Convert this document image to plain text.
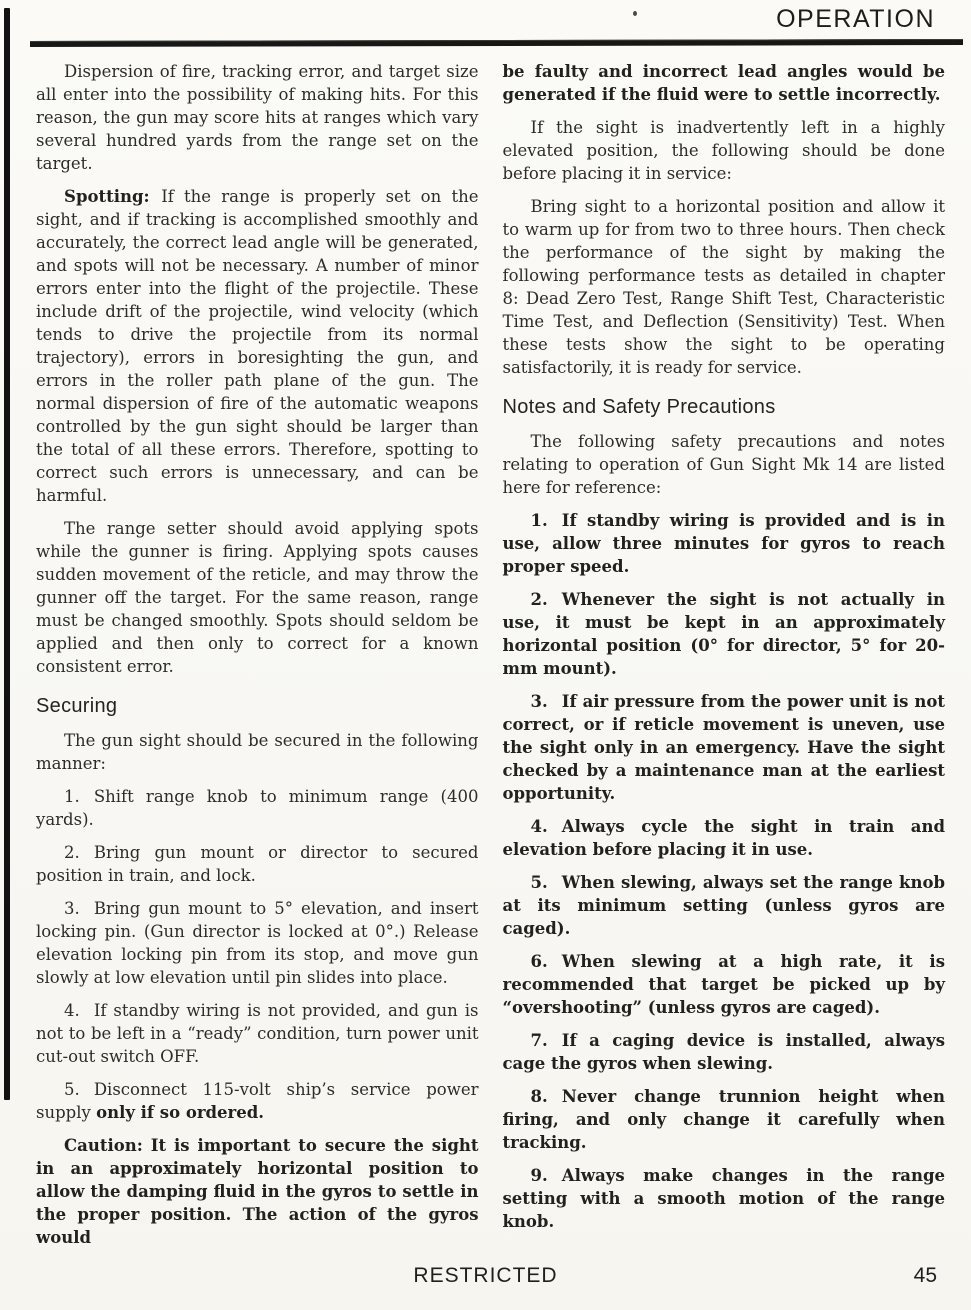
OPERATION

Dispersion of fire, tracking error, and target size all enter into the possibility of making hits. For this reason, the gun may score hits at ranges which vary several hundred yards from the range set on the target.

Spotting: If the range is properly set on the sight, and if tracking is accomplished smoothly and accurately, the correct lead angle will be generated, and spots will not be necessary. A number of minor errors enter into the flight of the projectile. These include drift of the projectile, wind velocity (which tends to drive the projectile from its normal trajectory), errors in boresighting the gun, and errors in the roller path plane of the gun. The normal dispersion of fire of the automatic weapons controlled by the gun sight should be larger than the total of all these errors. Therefore, spotting to correct such errors is unnecessary, and can be harmful.

The range setter should avoid applying spots while the gunner is firing. Applying spots causes sudden movement of the reticle, and may throw the gunner off the target. For the same reason, range must be changed smoothly. Spots should seldom be applied and then only to correct for a known consistent error.

Securing

The gun sight should be secured in the following manner:

1. Shift range knob to minimum range (400 yards).

2. Bring gun mount or director to secured position in train, and lock.

3. Bring gun mount to 5° elevation, and insert locking pin. (Gun director is locked at 0°.) Release elevation locking pin from its stop, and move gun slowly at low elevation until pin slides into place.

4. If standby wiring is not provided, and gun is not to be left in a “ready” condition, turn power unit cut-out switch OFF.

5. Disconnect 115-volt ship’s service power supply only if so ordered.

Caution: It is important to secure the sight in an approximately horizontal position to allow the damping fluid in the gyros to settle in the proper position. The action of the gyros would

be faulty and incorrect lead angles would be generated if the fluid were to settle incorrectly.

If the sight is inadvertently left in a highly elevated position, the following should be done before placing it in service:

Bring sight to a horizontal position and allow it to warm up for from two to three hours. Then check the performance of the sight by making the following performance tests as detailed in chapter 8: Dead Zero Test, Range Shift Test, Characteristic Time Test, and Deflection (Sensitivity) Test. When these tests show the sight to be operating satisfactorily, it is ready for service.

Notes and Safety Precautions

The following safety precautions and notes relating to operation of Gun Sight Mk 14 are listed here for reference:

1. If standby wiring is provided and is in use, allow three minutes for gyros to reach proper speed.

2. Whenever the sight is not actually in use, it must be kept in an approximately horizontal position (0° for director, 5° for 20-mm mount).

3. If air pressure from the power unit is not correct, or if reticle movement is uneven, use the sight only in an emergency. Have the sight checked by a maintenance man at the earliest opportunity.

4. Always cycle the sight in train and elevation before placing it in use.

5. When slewing, always set the range knob at its minimum setting (unless gyros are caged).

6. When slewing at a high rate, it is recommended that target be picked up by “overshooting” (unless gyros are caged).

7. If a caging device is installed, always cage the gyros when slewing.

8. Never change trunnion height when firing, and only change it carefully when tracking.

9. Always make changes in the range setting with a smooth motion of the range knob.

RESTRICTED	45
